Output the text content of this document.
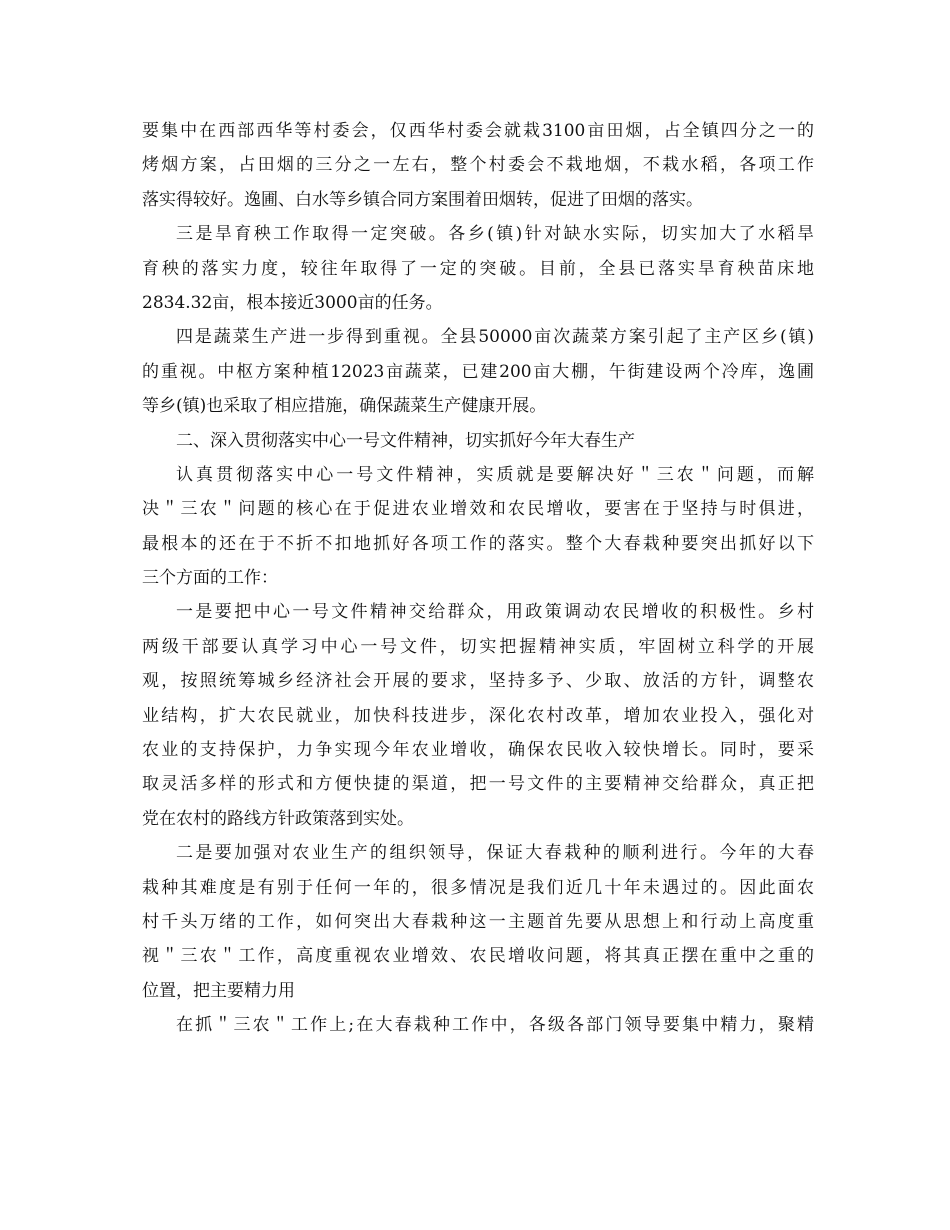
要集中在西部西华等村委会，仅西华村委会就栽3100亩田烟，占全镇四分之一的
烤烟方案，占田烟的三分之一左右，整个村委会不栽地烟，不栽水稻，各项工作
落实得较好。逸圃、白水等乡镇合同方案围着田烟转，促进了田烟的落实。
三是旱育秧工作取得一定突破。各乡(镇)针对缺水实际，切实加大了水稻旱
育秧的落实力度，较往年取得了一定的突破。目前，全县已落实旱育秧苗床地
2834.32亩，根本接近3000亩的任务。
四是蔬菜生产进一步得到重视。全县50000亩次蔬菜方案引起了主产区乡(镇)
的重视。中枢方案种植12023亩蔬菜，已建200亩大棚，午街建设两个冷库，逸圃
等乡(镇)也采取了相应措施，确保蔬菜生产健康开展。
二、深入贯彻落实中心一号文件精神，切实抓好今年大春生产
认真贯彻落实中心一号文件精神，实质就是要解决好＂三农＂问题，而解
决＂三农＂问题的核心在于促进农业增效和农民增收，要害在于坚持与时俱进，
最根本的还在于不折不扣地抓好各项工作的落实。整个大春栽种要突出抓好以下
三个方面的工作：
一是要把中心一号文件精神交给群众，用政策调动农民增收的积极性。乡村
两级干部要认真学习中心一号文件，切实把握精神实质，牢固树立科学的开展
观，按照统筹城乡经济社会开展的要求，坚持多予、少取、放活的方针，调整农
业结构，扩大农民就业，加快科技进步，深化农村改革，增加农业投入，强化对
农业的支持保护，力争实现今年农业增收，确保农民收入较快增长。同时，要采
取灵活多样的形式和方便快捷的渠道，把一号文件的主要精神交给群众，真正把
党在农村的路线方针政策落到实处。
二是要加强对农业生产的组织领导，保证大春栽种的顺利进行。今年的大春
栽种其难度是有别于任何一年的，很多情况是我们近几十年未遇过的。因此面农
村千头万绪的工作，如何突出大春栽种这一主题首先要从思想上和行动上高度重
视＂三农＂工作，高度重视农业增效、农民增收问题，将其真正摆在重中之重的
位置，把主要精力用
在抓＂三农＂工作上;在大春栽种工作中，各级各部门领导要集中精力，聚精
